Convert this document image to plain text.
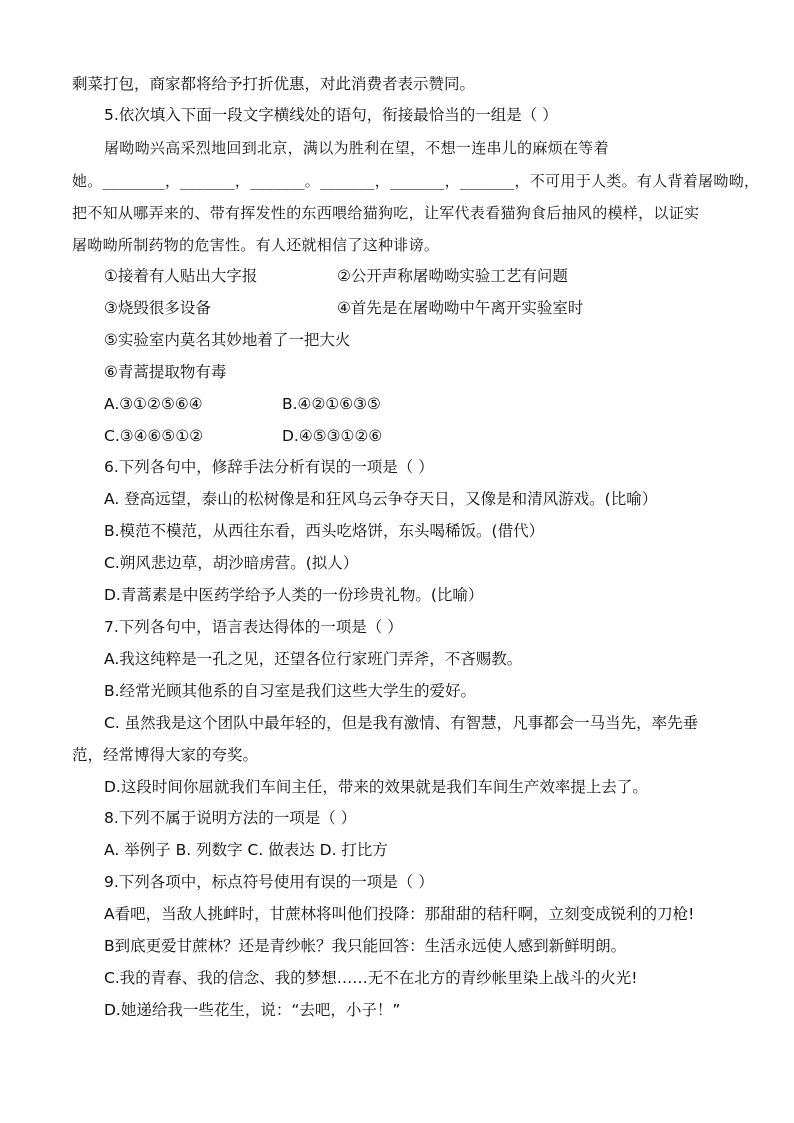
剩菜打包，商家都将给予打折优惠，对此消费者表示赞同。
5.依次填入下面一段文字横线处的语句，衔接最恰当的一组是（ ）
屠呦呦兴高采烈地回到北京，满以为胜利在望，不想一连串儿的麻烦在等着
她。________，_______，_______。_______，_______，_______，不可用于人类。有人背着屠呦呦，
把不知从哪弄来的、带有挥发性的东西喂给猫狗吃，让军代表看猫狗食后抽风的模样，以证实
屠呦呦所制药物的危害性。有人还就相信了这种诽谤。
①接着有人贴出大字报	②公开声称屠呦呦实验工艺有问题
③烧毁很多设备	④首先是在屠呦呦中午离开实验室时
⑤实验室内莫名其妙地着了一把大火
⑥青蒿提取物有毒
A.③①②⑤⑥④	B.④②①⑥③⑤
C.③④⑥⑤①②	D.④⑤③①②⑥
6.下列各句中，修辞手法分析有误的一项是（ ）
A. 登高远望，泰山的松树像是和狂风乌云争夺天日，又像是和清风游戏。(比喻）
B.模范不模范，从西往东看，西头吃烙饼，东头喝稀饭。(借代）
C.朔风悲边草，胡沙暗虏营。(拟人）
D.青蒿素是中医药学给予人类的一份珍贵礼物。(比喻）
7.下列各句中，语言表达得体的一项是（ ）
A.我这纯粹是一孔之见，还望各位行家班门弄斧，不吝赐教。
B.经常光顾其他系的自习室是我们这些大学生的爱好。
C. 虽然我是这个团队中最年轻的，但是我有激情、有智慧，凡事都会一马当先，率先垂
范，经常博得大家的夸奖。
D.这段时间你屈就我们车间主任，带来的效果就是我们车间生产效率提上去了。
8.下列不属于说明方法的一项是（ ）
A. 举例子 B. 列数字 C. 做表达 D. 打比方
9.下列各项中，标点符号使用有误的一项是（ ）
A看吧，当敌人挑衅时，甘蔗林将叫他们投降：那甜甜的秸秆啊，立刻变成锐利的刀枪!
B到底更爱甘蔗林？还是青纱帐？我只能回答：生活永远使人感到新鲜明朗。
C.我的青春、我的信念、我的梦想……无不在北方的青纱帐里染上战斗的火光!
D.她递给我一些花生，说：“去吧，小子！”
